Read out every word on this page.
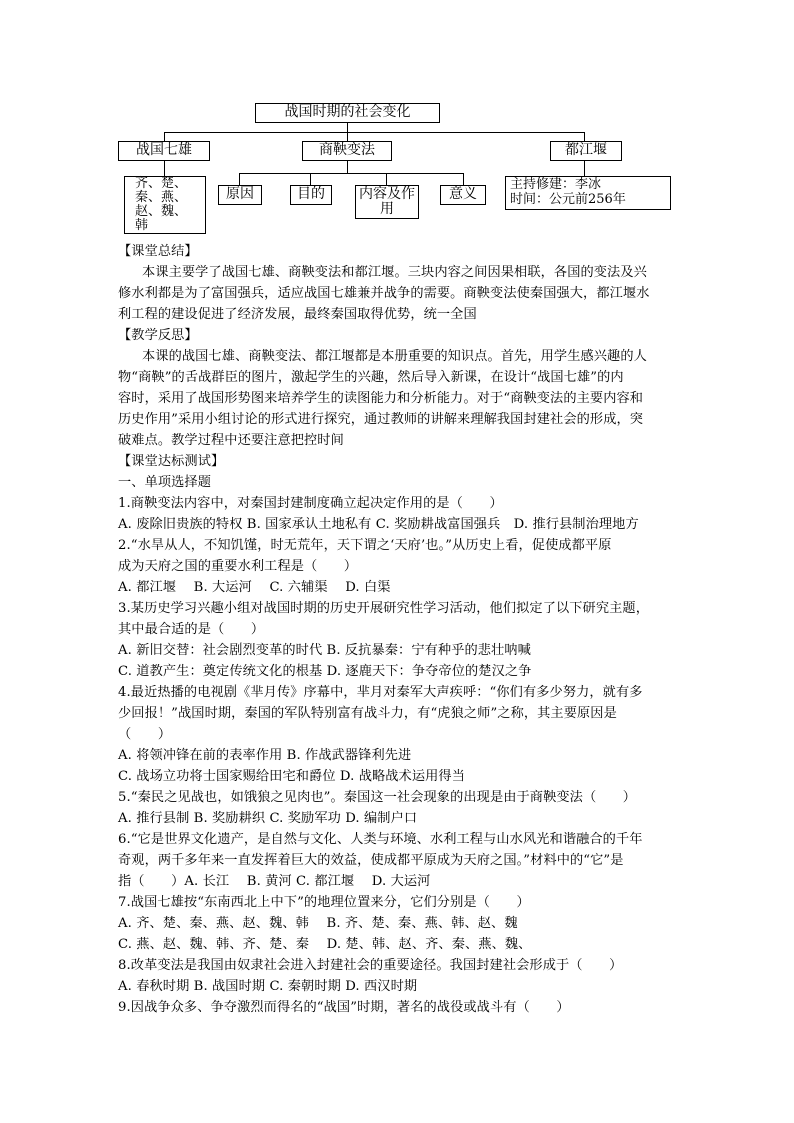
战国时期的社会变化
战国七雄	商鞅变法	都江堰
齐、楚、
秦、燕、
赵、魏、
韩
原因	目的	内容及作用
意义
主持修建：李冰
时间：公元前256年
【课堂总结】
本课主要学了战国七雄、商鞅变法和都江堰。三块内容之间因果相联，各国的变法及兴
修水利都是为了富国强兵，适应战国七雄兼并战争的需要。商鞅变法使秦国强大，都江堰水
利工程的建设促进了经济发展，最终秦国取得优势，统一全国
【教学反思】
本课的战国七雄、商鞅变法、都江堰都是本册重要的知识点。首先，用学生感兴趣的人
物“商鞅”的舌战群臣的图片，激起学生的兴趣，然后导入新课，在设计“战国七雄”的内
容时，采用了战国形势图来培养学生的读图能力和分析能力。对于“商鞅变法的主要内容和
历史作用”采用小组讨论的形式进行探究，通过教师的讲解来理解我国封建社会的形成，突
破难点。教学过程中还要注意把控时间
【课堂达标测试】
一、单项选择题
1.商鞅变法内容中，对秦国封建制度确立起决定作用的是（　　）
A. 废除旧贵族的特权 B. 国家承认土地私有 C. 奖励耕战富国强兵　D. 推行县制治理地方
2.“水旱从人，不知饥馑，时无荒年，天下谓之‘天府’也。”从历史上看，促使成都平原
成为天府之国的重要水利工程是（　　）
A. 都江堰　 B. 大运河　 C. 六辅渠　 D. 白渠
3.某历史学习兴趣小组对战国时期的历史开展研究性学习活动，他们拟定了以下研究主题，
其中最合适的是（　　）
A. 新旧交替：社会剧烈变革的时代 B. 反抗暴秦：宁有种乎的悲壮呐喊
C. 道教产生：奠定传统文化的根基 D. 逐鹿天下：争夺帝位的楚汉之争
4.最近热播的电视剧《芈月传》序幕中，芈月对秦军大声疾呼：“你们有多少努力，就有多
少回报！”战国时期，秦国的军队特别富有战斗力，有“虎狼之师”之称，其主要原因是
（　　）
A. 将领冲锋在前的表率作用 B. 作战武器锋利先进
C. 战场立功将士国家赐给田宅和爵位 D. 战略战术运用得当
5.“秦民之见战也，如饿狼之见肉也”。秦国这一社会现象的出现是由于商鞅变法（　　）
A. 推行县制 B. 奖励耕织 C. 奖励军功 D. 编制户口
6.“它是世界文化遗产，是自然与文化、人类与环境、水利工程与山水风光和谐融合的千年
奇观，两千多年来一直发挥着巨大的效益，使成都平原成为天府之国。”材料中的“它”是
指（　　）A. 长江　 B. 黄河 C. 都江堰　 D. 大运河
7.战国七雄按“东南西北上中下”的地理位置来分，它们分别是（　　）
A. 齐、楚、秦、燕、赵、魏、韩　 B. 齐、楚、秦、燕、韩、赵、魏
C. 燕、赵、魏、韩、齐、楚、秦　 D. 楚、韩、赵、齐、秦、燕、魏、
8.改革变法是我国由奴隶社会进入封建社会的重要途径。我国封建社会形成于（　　）
A. 春秋时期 B. 战国时期 C. 秦朝时期 D. 西汉时期
9.因战争众多、争夺激烈而得名的“战国”时期，著名的战役或战斗有（　　）
